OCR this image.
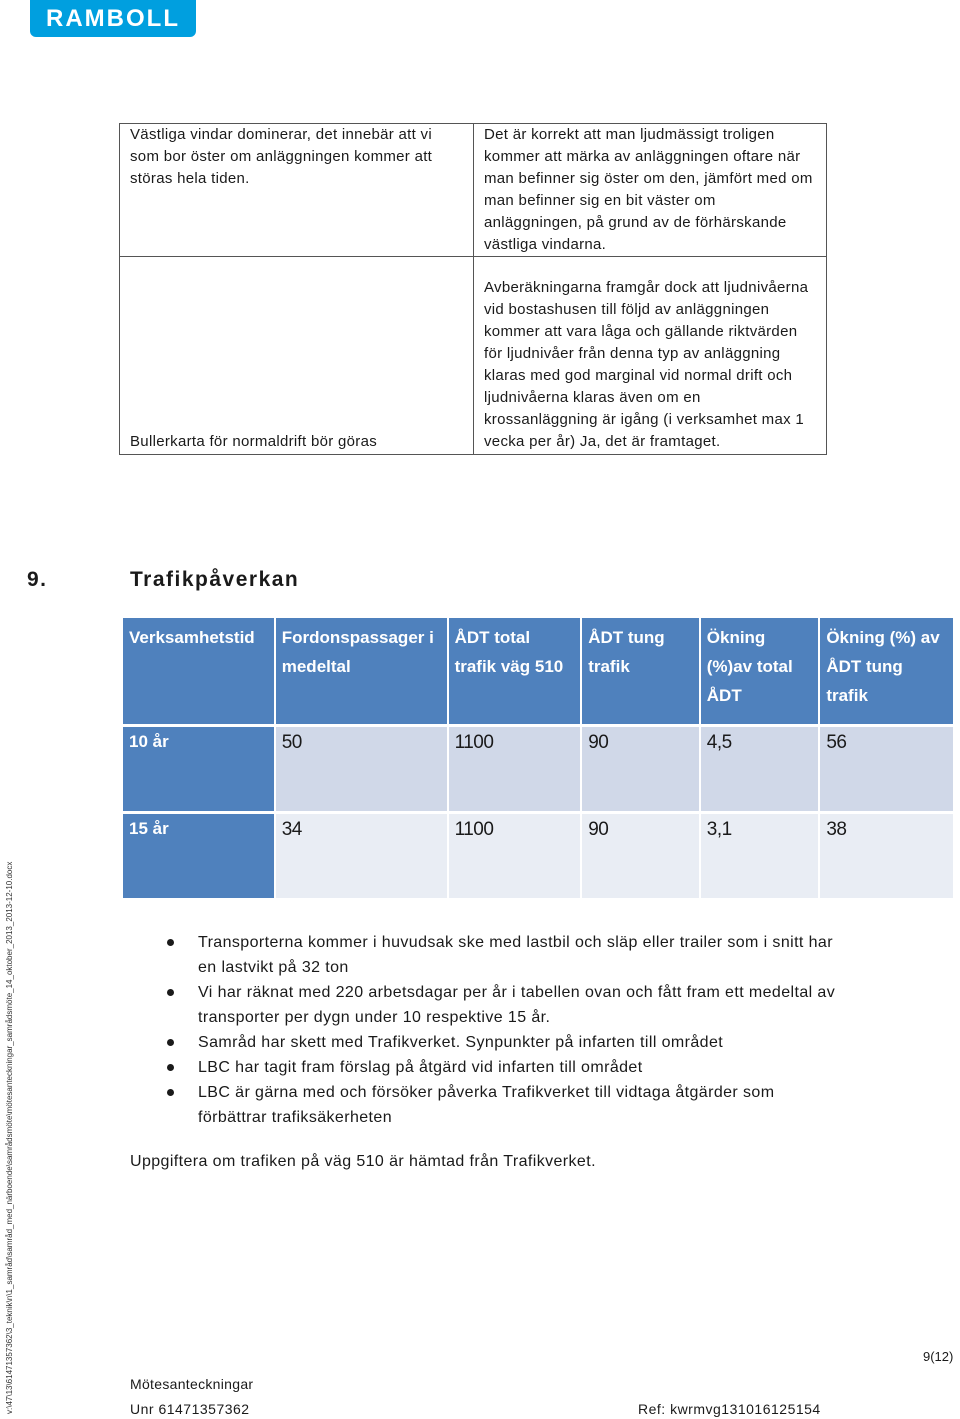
RAMBOLL
Västliga vindar dominerar, det innebär att vi som bor öster om anläggningen kommer att störas hela tiden.	Det är korrekt att man ljudmässigt troligen kommer att märka av anläggningen oftare när man befinner sig öster om den, jämfört med om man befinner sig en bit väster om anläggningen, på grund av de förhärskande västliga vindarna.
Bullerkarta för normaldrift bör göras	Avberäkningarna framgår dock att ljudnivåerna vid bostashusen till följd av anläggningen kommer att vara låga och gällande riktvärden för ljudnivåer från denna typ av anläggning klaras med god marginal vid normal drift och ljudnivåerna klaras även om en krossanläggning är igång (i verksamhet max 1 vecka per år) Ja, det är framtaget.
9.	Trafikpåverkan
Verksamhetstid	Fordonspassager i medeltal	ÅDT total trafik väg 510	ÅDT tung trafik	Ökning (%)av total ÅDT	Ökning (%) av ÅDT tung trafik
10 år	50	1100	90	4,5	56
15 år	34	1100	90	3,1	38
Transporterna kommer i huvudsak ske med lastbil och släp eller trailer som i snitt har en lastvikt på 32 ton
Vi har räknat med 220 arbetsdagar per år i tabellen ovan och fått fram ett medeltal av transporter per dygn under 10 respektive 15 år.
Samråd har skett med Trafikverket. Synpunkter på infarten till området
LBC har tagit fram förslag på åtgärd vid infarten till området
LBC är gärna med och försöker påverka Trafikverket till vidtaga åtgärder som förbättrar trafiksäkerheten
Uppgiftera om trafiken på väg 510 är hämtad från Trafikverket.
v:\47\13\61471357362\3_teknik\n\1_samråd\samråd_med_närboende\samrådsmöte\mötesanteckningar_samrådsmöte_14_oktober_2013_2013-12-10.docx	9(12)
Mötesanteckningar
Unr 61471357362	Ref: kwrmvg131016125154
